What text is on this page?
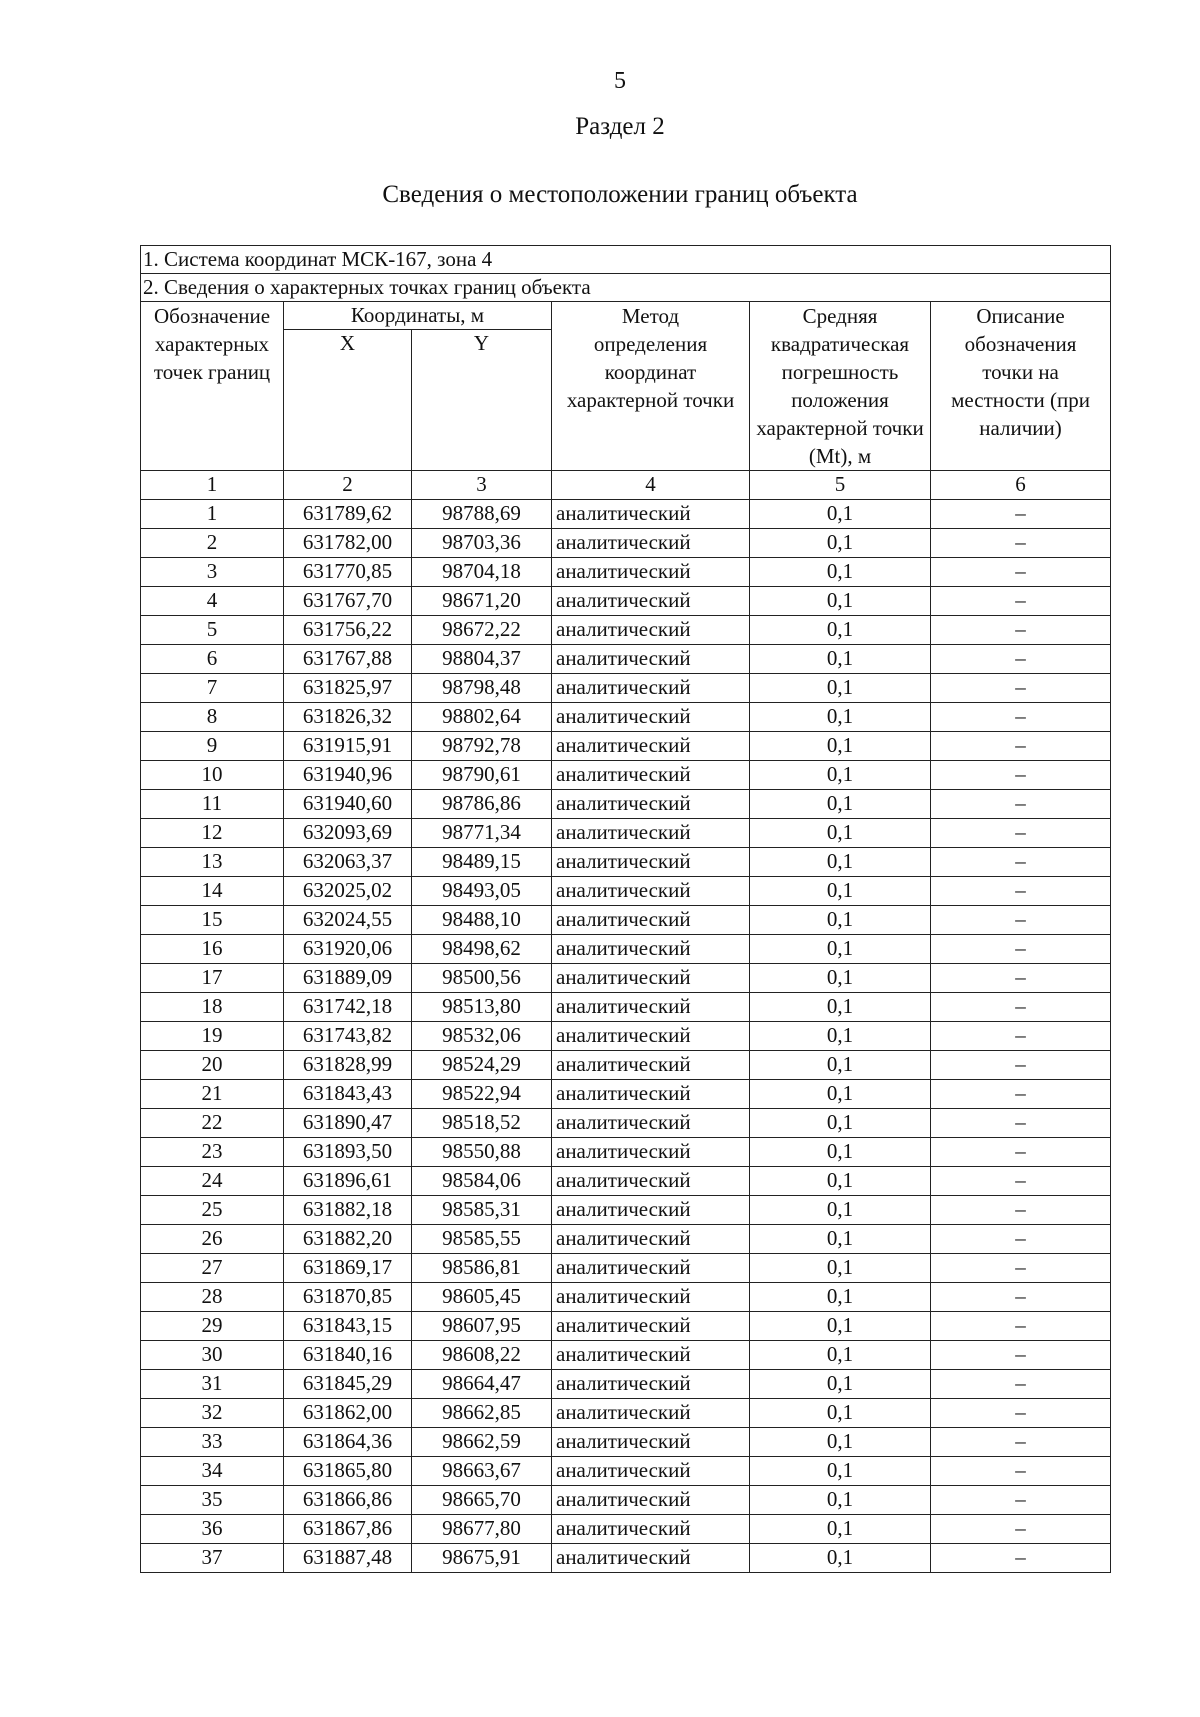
5
Раздел 2
Сведения о местоположении границ объекта
1. Система координат МСК-167, зона 4					
2. Сведения о характерных точках границ объекта					
Обозначение характерных точек границ	Координаты, м		Метод определения координат характерной точки	Средняя квадратическая погрешность положения характерной точки (Mt), м	Описание обозначения точки на местности (при наличии)
	X	Y			
1	2	3	4	5	6
1	631789,62	98788,69	аналитический	0,1	–
2	631782,00	98703,36	аналитический	0,1	–
3	631770,85	98704,18	аналитический	0,1	–
4	631767,70	98671,20	аналитический	0,1	–
5	631756,22	98672,22	аналитический	0,1	–
6	631767,88	98804,37	аналитический	0,1	–
7	631825,97	98798,48	аналитический	0,1	–
8	631826,32	98802,64	аналитический	0,1	–
9	631915,91	98792,78	аналитический	0,1	–
10	631940,96	98790,61	аналитический	0,1	–
11	631940,60	98786,86	аналитический	0,1	–
12	632093,69	98771,34	аналитический	0,1	–
13	632063,37	98489,15	аналитический	0,1	–
14	632025,02	98493,05	аналитический	0,1	–
15	632024,55	98488,10	аналитический	0,1	–
16	631920,06	98498,62	аналитический	0,1	–
17	631889,09	98500,56	аналитический	0,1	–
18	631742,18	98513,80	аналитический	0,1	–
19	631743,82	98532,06	аналитический	0,1	–
20	631828,99	98524,29	аналитический	0,1	–
21	631843,43	98522,94	аналитический	0,1	–
22	631890,47	98518,52	аналитический	0,1	–
23	631893,50	98550,88	аналитический	0,1	–
24	631896,61	98584,06	аналитический	0,1	–
25	631882,18	98585,31	аналитический	0,1	–
26	631882,20	98585,55	аналитический	0,1	–
27	631869,17	98586,81	аналитический	0,1	–
28	631870,85	98605,45	аналитический	0,1	–
29	631843,15	98607,95	аналитический	0,1	–
30	631840,16	98608,22	аналитический	0,1	–
31	631845,29	98664,47	аналитический	0,1	–
32	631862,00	98662,85	аналитический	0,1	–
33	631864,36	98662,59	аналитический	0,1	–
34	631865,80	98663,67	аналитический	0,1	–
35	631866,86	98665,70	аналитический	0,1	–
36	631867,86	98677,80	аналитический	0,1	–
37	631887,48	98675,91	аналитический	0,1	–
